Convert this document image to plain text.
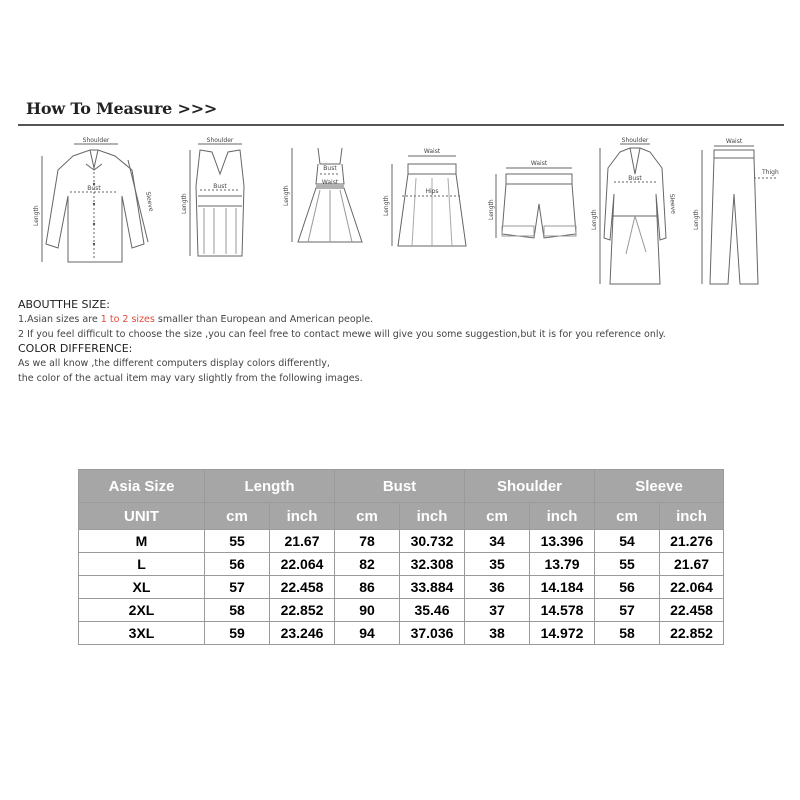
How To Measure >>>
Shoulder
Bust
Sleeve
Length
Shoulder
Bust
Length
Bust
Waist
Length
Waist
Hips
Length
Waist
Length
Shoulder
Bust
Sleeve
Length
Waist
Thigh
Length
ABOUTTHE SIZE:
1.Asian sizes are 1 to 2 sizes smaller than European and American people.
2 If you feel difficult to choose the size ,you can feel free to contact mewe will give you some suggestion,but it is for you reference only.
COLOR DIFFERENCE:
As we all know ,the different computers display colors differently,
the color of the actual item may vary slightly from the following images.
Asia Size	Length		Bust		Shoulder		Sleeve	
UNIT	cm	inch	cm	inch	cm	inch	cm	inch
M	55	21.67	78	30.732	34	13.396	54	21.276
L	56	22.064	82	32.308	35	13.79	55	21.67
XL	57	22.458	86	33.884	36	14.184	56	22.064
2XL	58	22.852	90	35.46	37	14.578	57	22.458
3XL	59	23.246	94	37.036	38	14.972	58	22.852
